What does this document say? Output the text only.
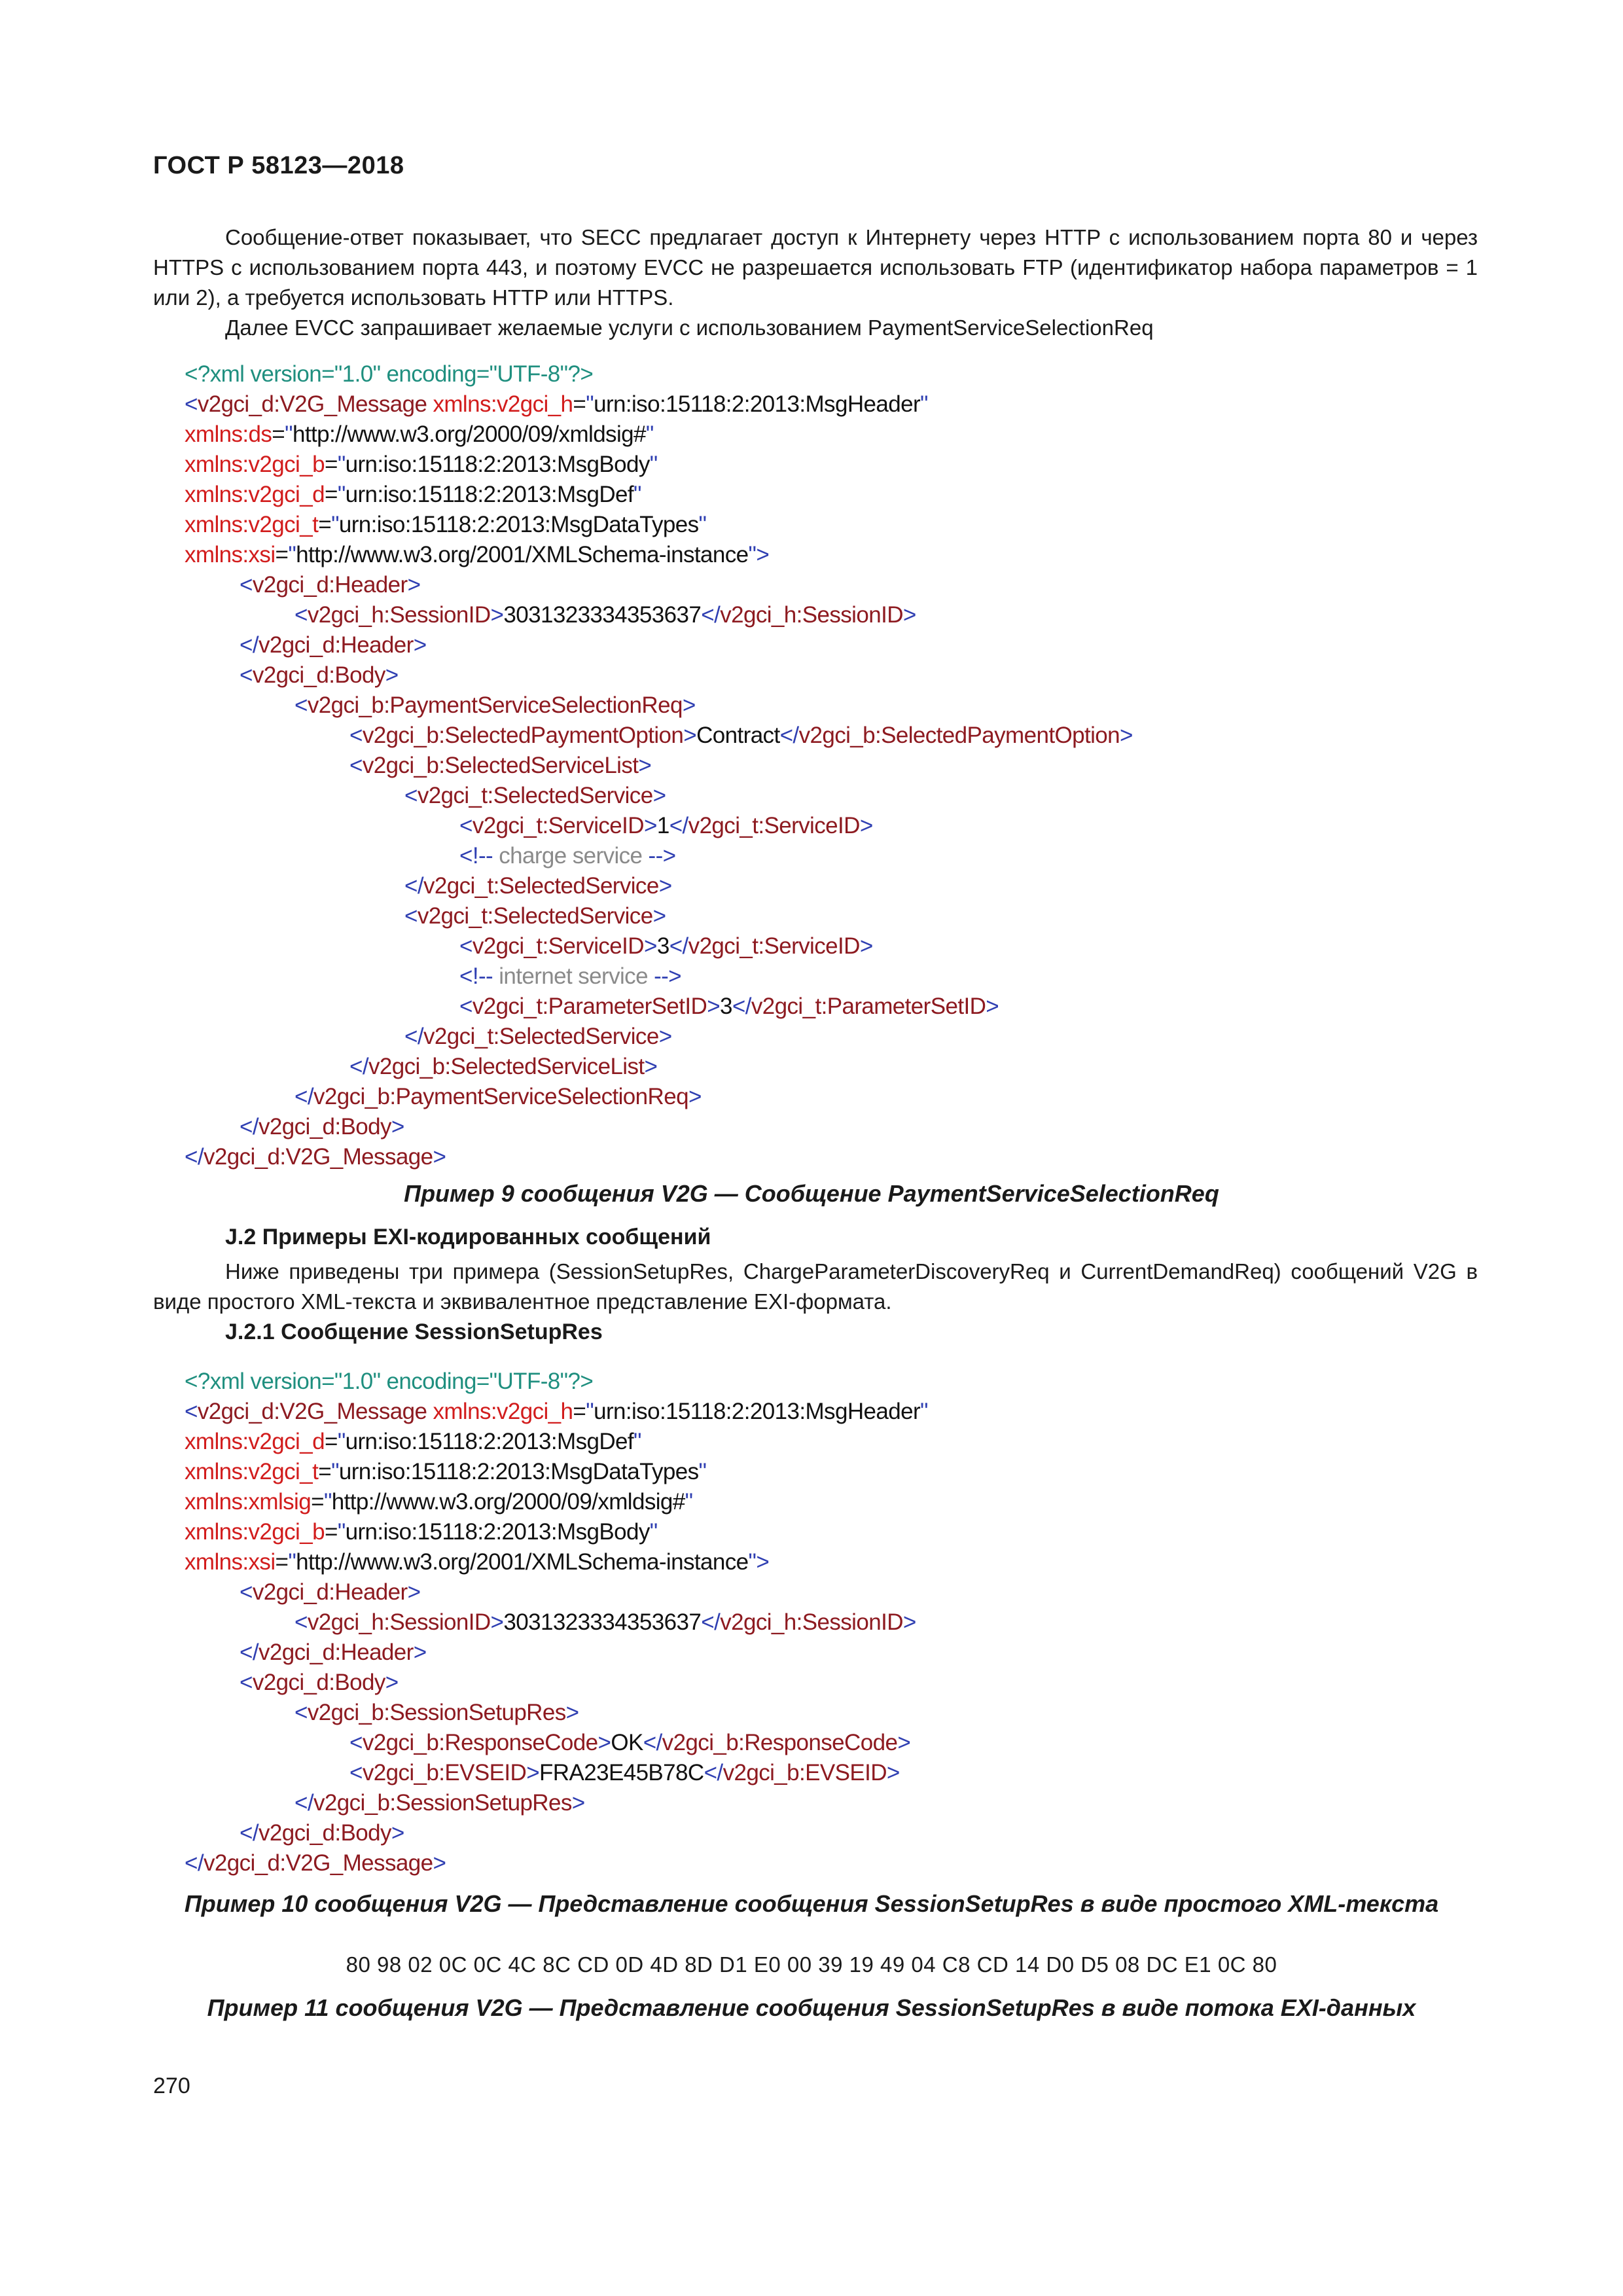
ГОСТ Р 58123—2018

Сообщение-ответ показывает, что SECC предлагает доступ к Интернету через HTTP с использованием порта 80 и через HTTPS с использованием порта 443, и поэтому EVCC не разрешается использовать FTP (идентификатор набора параметров = 1 или 2), а требуется использовать HTTP или HTTPS.

Далее EVCC запрашивает желаемые услуги с использованием PaymentServiceSelectionReq

<?xml version="1.0" encoding="UTF-8"?>
<v2gci_d:V2G_Message xmlns:v2gci_h="urn:iso:15118:2:2013:MsgHeader"
xmlns:ds="http://www.w3.org/2000/09/xmldsig#"
xmlns:v2gci_b="urn:iso:15118:2:2013:MsgBody"
xmlns:v2gci_d="urn:iso:15118:2:2013:MsgDef"
xmlns:v2gci_t="urn:iso:15118:2:2013:MsgDataTypes"
xmlns:xsi="http://www.w3.org/2001/XMLSchema-instance">
<v2gci_d:Header>
<v2gci_h:SessionID>3031323334353637</v2gci_h:SessionID>
</v2gci_d:Header>
<v2gci_d:Body>
<v2gci_b:PaymentServiceSelectionReq>
<v2gci_b:SelectedPaymentOption>Contract</v2gci_b:SelectedPaymentOption>
<v2gci_b:SelectedServiceList>
<v2gci_t:SelectedService>
<v2gci_t:ServiceID>1</v2gci_t:ServiceID>
<!-- charge service -->
</v2gci_t:SelectedService>
<v2gci_t:SelectedService>
<v2gci_t:ServiceID>3</v2gci_t:ServiceID>
<!-- internet service -->
<v2gci_t:ParameterSetID>3</v2gci_t:ParameterSetID>
</v2gci_t:SelectedService>
</v2gci_b:SelectedServiceList>
</v2gci_b:PaymentServiceSelectionReq>
</v2gci_d:Body>
</v2gci_d:V2G_Message>

Пример 9 сообщения V2G — Сообщение PaymentServiceSelectionReq

J.2 Примеры EXI-кодированных сообщений

Ниже приведены три примера (SessionSetupRes, ChargeParameterDiscoveryReq и CurrentDemandReq) сообщений V2G в виде простого XML-текста и эквивалентное представление EXI-формата.

J.2.1 Сообщение SessionSetupRes

<?xml version="1.0" encoding="UTF-8"?>
<v2gci_d:V2G_Message xmlns:v2gci_h="urn:iso:15118:2:2013:MsgHeader"
xmlns:v2gci_d="urn:iso:15118:2:2013:MsgDef"
xmlns:v2gci_t="urn:iso:15118:2:2013:MsgDataTypes"
xmlns:xmlsig="http://www.w3.org/2000/09/xmldsig#"
xmlns:v2gci_b="urn:iso:15118:2:2013:MsgBody"
xmlns:xsi="http://www.w3.org/2001/XMLSchema-instance">
<v2gci_d:Header>
<v2gci_h:SessionID>3031323334353637</v2gci_h:SessionID>
</v2gci_d:Header>
<v2gci_d:Body>
<v2gci_b:SessionSetupRes>
<v2gci_b:ResponseCode>OK</v2gci_b:ResponseCode>
<v2gci_b:EVSEID>FRA23E45B78C</v2gci_b:EVSEID>
</v2gci_b:SessionSetupRes>
</v2gci_d:Body>
</v2gci_d:V2G_Message>

Пример 10 сообщения V2G — Представление сообщения SessionSetupRes в виде простого XML-текста

80 98 02 0C 0C 4C 8C CD 0D 4D 8D D1 E0 00 39 19 49 04 C8 CD 14 D0 D5 08 DC E1 0C 80

Пример 11 сообщения V2G — Представление сообщения SessionSetupRes в виде потока EXI-данных

270
